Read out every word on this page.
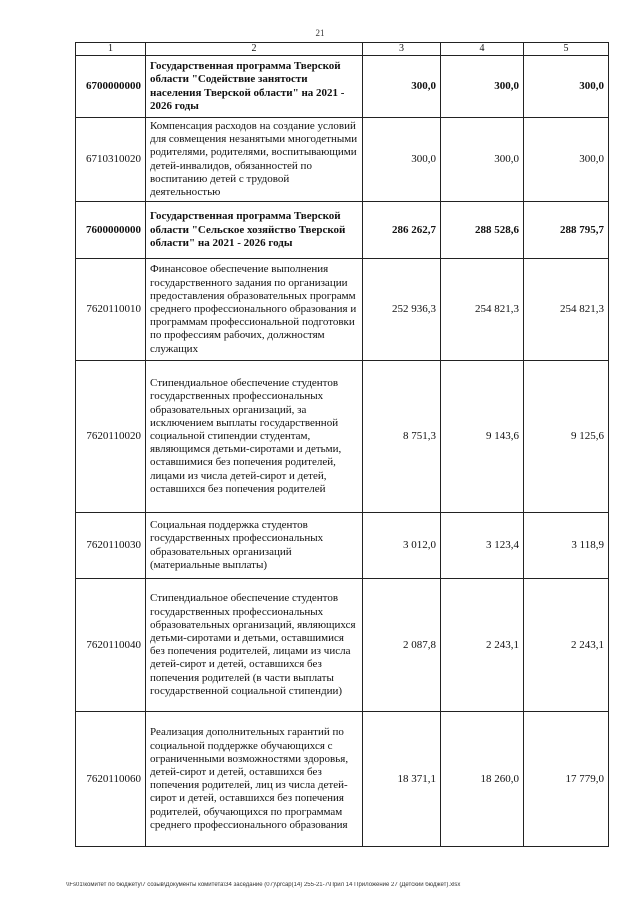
21
1	2	3	4	5
6700000000	Государственная программа Тверской области "Содействие занятости населения Тверской области" на 2021 - 2026 годы	300,0	300,0	300,0
6710310020	Компенсация расходов на создание условий для совмещения незанятыми многодетными родителями, родителями, воспитывающими детей-инвалидов, обязанностей по воспитанию детей с трудовой деятельностью	300,0	300,0	300,0
7600000000	Государственная программа Тверской области "Сельское хозяйство Тверской области" на 2021 - 2026 годы	286 262,7	288 528,6	288 795,7
7620110010	Финансовое обеспечение выполнения государственного задания по организации предоставления образовательных программ среднего профессионального образования и программам профессиональной подготовки по профессиям рабочих, должностям служащих	252 936,3	254 821,3	254 821,3
7620110020	Стипендиальное обеспечение студентов государственных профессиональных образовательных организаций, за исключением выплаты государственной социальной стипендии студентам, являющимся детьми-сиротами и детьми, оставшимися без попечения родителей, лицами из числа детей-сирот и детей, оставшихся без попечения родителей	8 751,3	9 143,6	9 125,6
7620110030	Социальная поддержка студентов государственных профессиональных образовательных организаций (материальные выплаты)	3 012,0	3 123,4	3 118,9
7620110040	Стипендиальное обеспечение студентов государственных профессиональных образовательных организаций, являющихся детьми-сиротами и детьми, оставшимися без попечения родителей, лицами из числа детей-сирот и детей, оставшихся без попечения родителей (в части выплаты государственной социальной стипендии)	2 087,8	2 243,1	2 243,1
7620110060	Реализация дополнительных гарантий по социальной поддержке обучающихся с ограниченными возможностями здоровья, детей-сирот и детей, оставшихся без попечения родителей, лиц из числа детей-сирот и детей, оставшихся без попечения родителей, обучающихся по программам среднего профессионального образования	18 371,1	18 260,0	17 779,0
\\Fs01\комитет по бюджету\7 созыв\Документы комитета\34 заседание (07)\prcap(14) 255-21-7\Прил 14 Приложение 27 (Детский бюджет).xlsx
